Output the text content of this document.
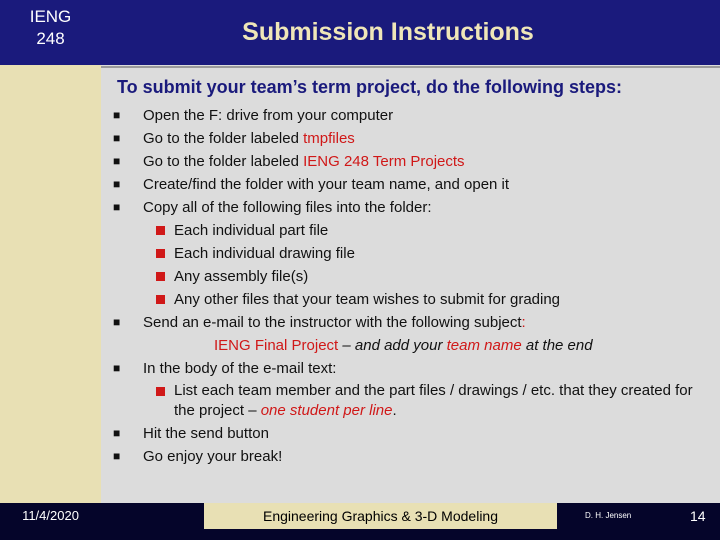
IENG
248	Submission Instructions
To submit your team’s term project, do the following steps:
■	Open the F: drive from your computer
■	Go to the folder labeled tmpfiles
■	Go to the folder labeled IENG 248 Term Projects
■	Create/find the folder with your team name, and open it
■	Copy all of the following files into the folder:
Each individual part file
Each individual drawing file
Any assembly file(s)
Any other files that your team wishes to submit for grading
■	Send an e-mail to the instructor with the following subject:
IENG Final Project – and add your team name at the end
■	In the body of the e-mail text:
List each team member and the part files / drawings / etc. that they created for the project – one student per line.
■	Hit the send button
■	Go enjoy your break!
11/4/2020	Engineering Graphics & 3-D Modeling	D. H. Jensen	14
